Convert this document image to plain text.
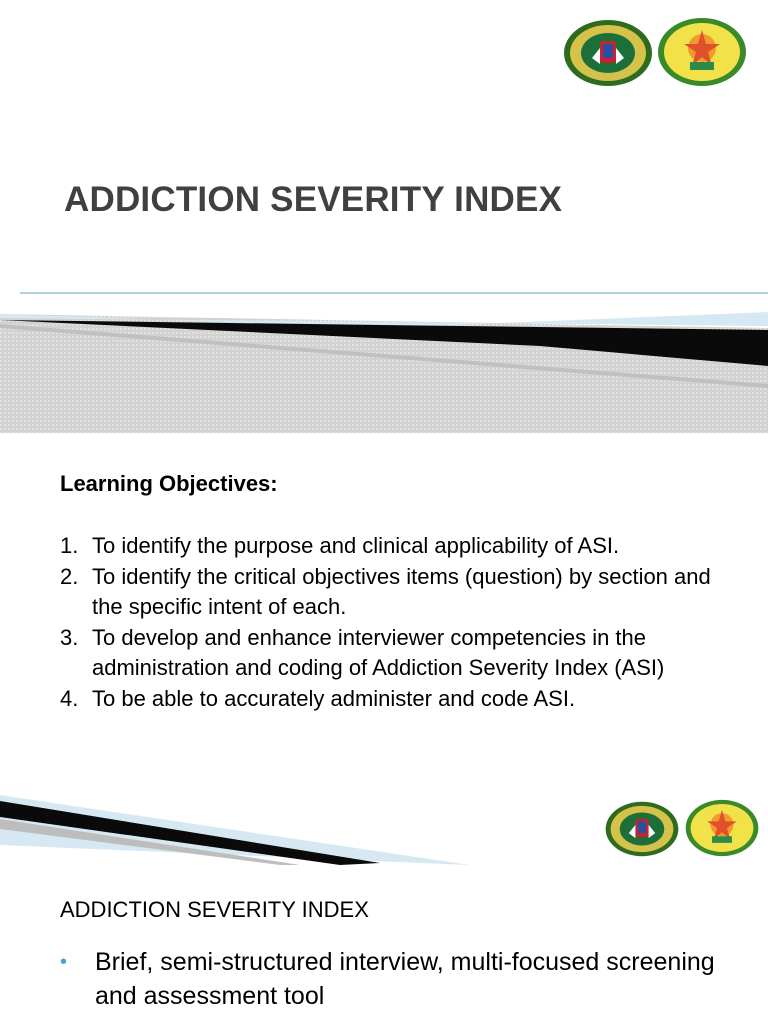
ADDICTION SEVERITY INDEX
Learning Objectives:
1. To identify the purpose and clinical applicability of ASI.
2. To identify the critical objectives items (question) by section and the specific intent of each.
3. To develop and enhance interviewer competencies in the administration and coding of Addiction Severity Index (ASI)
4. To be able to accurately administer and code ASI.
ADDICTION SEVERITY INDEX
• Brief, semi-structured interview, multi-focused screening and assessment tool
